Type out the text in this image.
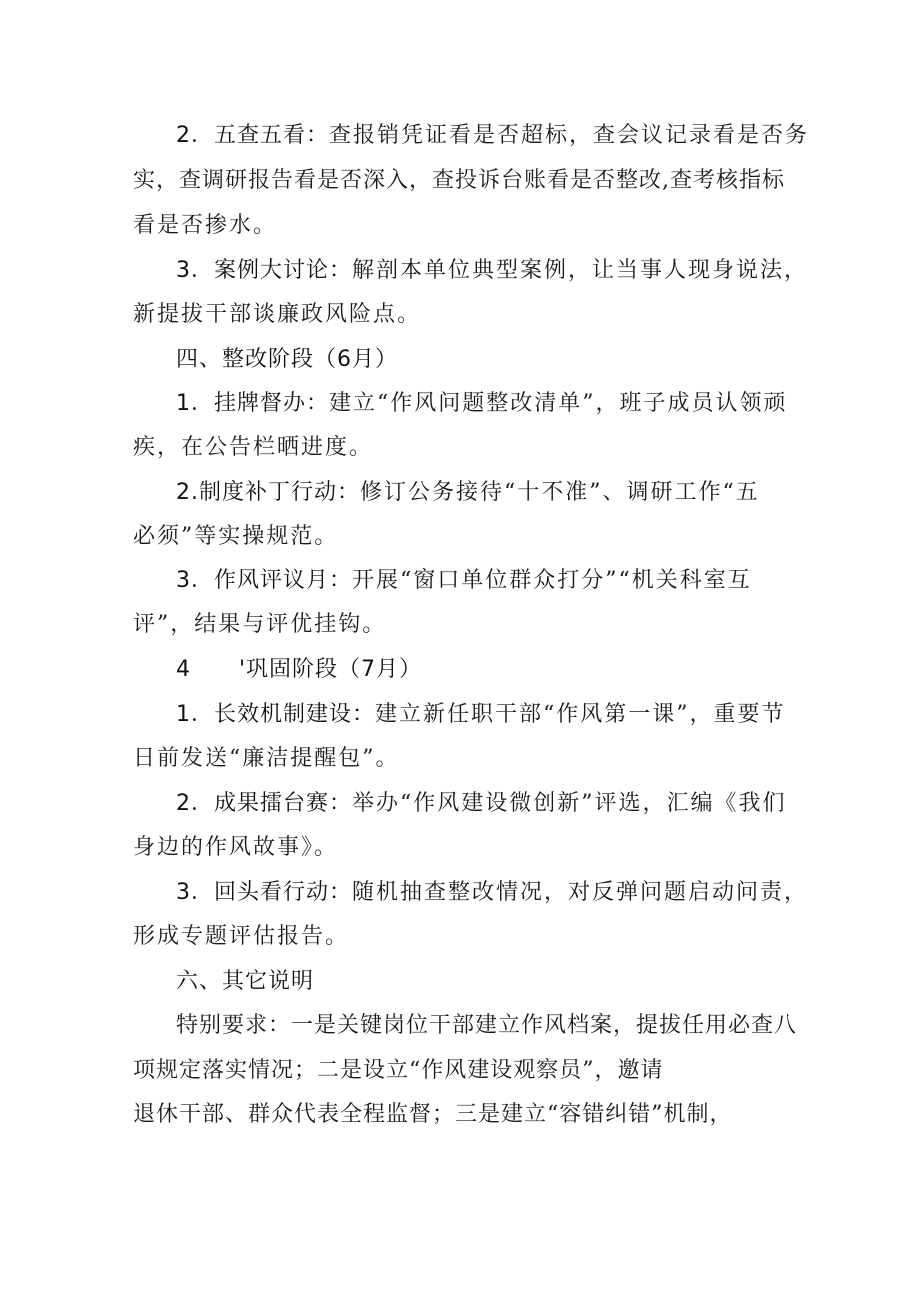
2．五查五看：查报销凭证看是否超标，查会议记录看是否务
实，查调研报告看是否深入，查投诉台账看是否整改,查考核指标
看是否掺水。
3．案例大讨论：解剖本单位典型案例，让当事人现身说法，
新提拔干部谈廉政风险点。
四、整改阶段（6月）
1．挂牌督办：建立“作风问题整改清单”，班子成员认领顽
疾，在公告栏晒进度。
2.制度补丁行动：修订公务接待“十不准”、调研工作“五
必须”等实操规范。
3．作风评议月：开展“窗口单位群众打分”“机关科室互
评”，结果与评优挂钩。
4 '巩固阶段（7月）
1．长效机制建设：建立新任职干部“作风第一课”，重要节
日前发送“廉洁提醒包”。
2．成果擂台赛：举办“作风建设微创新”评选，汇编《我们
身边的作风故事》。
3．回头看行动：随机抽查整改情况，对反弹问题启动问责，
形成专题评估报告。
六、其它说明
特别要求：一是关键岗位干部建立作风档案，提拔任用必查八
项规定落实情况；二是设立“作风建设观察员”，邀请
退休干部、群众代表全程监督；三是建立“容错纠错”机制，
